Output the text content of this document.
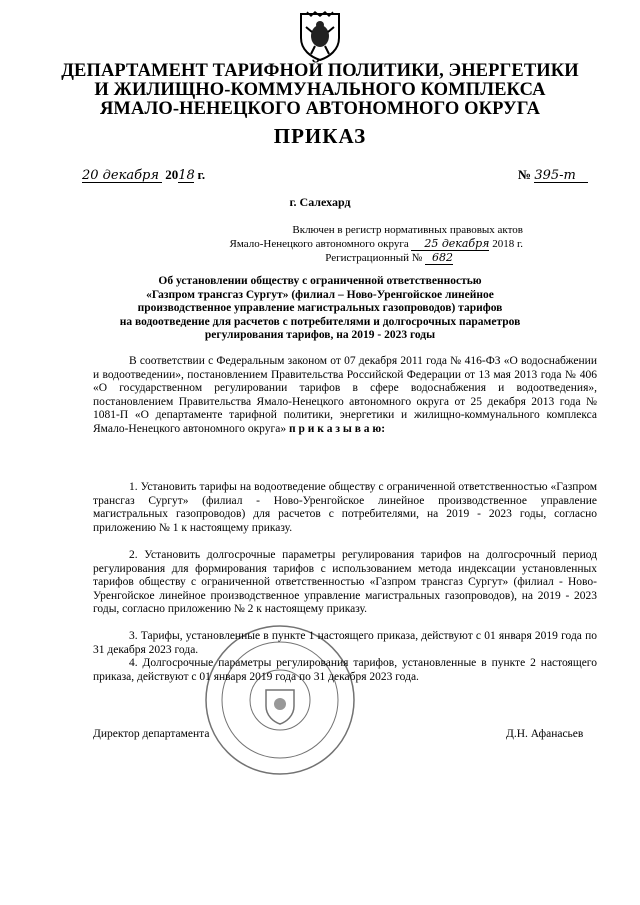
ДЕПАРТАМЕНТ ТАРИФНОЙ ПОЛИТИКИ, ЭНЕРГЕТИКИ
И ЖИЛИЩНО-КОММУНАЛЬНОГО КОМПЛЕКСА
ЯМАЛО-НЕНЕЦКОГО АВТОНОМНОГО ОКРУГА
ПРИКАЗ
20 декабря 2018 г.	№ 395-т
г. Салехард
Включен в регистр нормативных правовых актов
Ямало-Ненецкого автономного округа 25 декабря 2018 г.
Регистрационный № 682
Об установлении обществу с ограниченной ответственностью
«Газпром трансгаз Сургут» (филиал – Ново-Уренгойское линейное
производственное управление магистральных газопроводов) тарифов
на водоотведение для расчетов с потребителями и долгосрочных параметров
регулирования тарифов, на 2019 - 2023 годы
В соответствии с Федеральным законом от 07 декабря 2011 года № 416-ФЗ «О водоснабжении и водоотведении», постановлением Правительства Российской Федерации от 13 мая 2013 года № 406 «О государственном регулировании тарифов в сфере водоснабжения и водоотведения», постановлением Правительства Ямало-Ненецкого автономного округа от 25 декабря 2013 года № 1081-П «О департаменте тарифной политики, энергетики и жилищно-коммунального комплекса Ямало-Ненецкого автономного округа» п р и к а з ы в а ю:
1. Установить тарифы на водоотведение обществу с ограниченной ответственностью «Газпром трансгаз Сургут» (филиал - Ново-Уренгойское линейное производственное управление магистральных газопроводов) для расчетов с потребителями, на 2019 - 2023 годы, согласно приложению № 1 к настоящему приказу.
2. Установить долгосрочные параметры регулирования тарифов на долгосрочный период регулирования для формирования тарифов с использованием метода индексации установленных тарифов обществу с ограниченной ответственностью «Газпром трансгаз Сургут» (филиал - Ново-Уренгойское линейное производственное управление магистральных газопроводов), на 2019 - 2023 годы, согласно приложению № 2 к настоящему приказу.
3. Тарифы, установленные в пункте 1 настоящего приказа, действуют с 01 января 2019 года по 31 декабря 2023 года.
4. Долгосрочные параметры регулирования тарифов, установленные в пункте 2 настоящего приказа, действуют с 01 января 2019 года по 31 декабря 2023 года.
Директор департамента	Д.Н. Афанасьев
